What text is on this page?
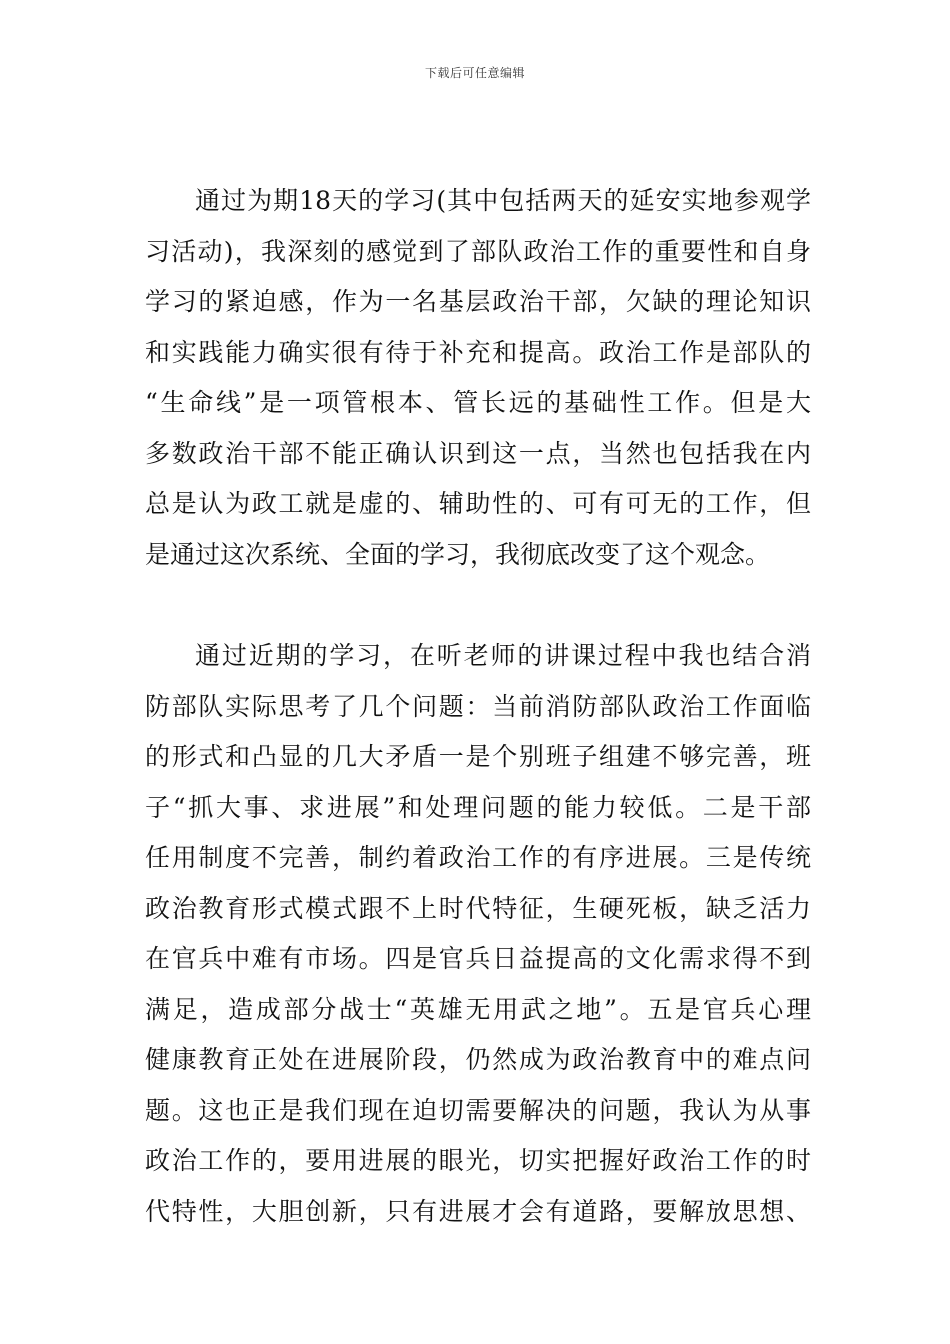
下载后可任意编辑
通过为期18天的学习(其中包括两天的延安实地参观学
习活动)，我深刻的感觉到了部队政治工作的重要性和自身
学习的紧迫感，作为一名基层政治干部，欠缺的理论知识
和实践能力确实很有待于补充和提高。政治工作是部队的
“生命线”是一项管根本、管长远的基础性工作。但是大
多数政治干部不能正确认识到这一点，当然也包括我在内
总是认为政工就是虚的、辅助性的、可有可无的工作，但
是通过这次系统、全面的学习，我彻底改变了这个观念。
通过近期的学习，在听老师的讲课过程中我也结合消
防部队实际思考了几个问题：当前消防部队政治工作面临
的形式和凸显的几大矛盾一是个别班子组建不够完善，班
子“抓大事、求进展”和处理问题的能力较低。二是干部
任用制度不完善，制约着政治工作的有序进展。三是传统
政治教育形式模式跟不上时代特征，生硬死板，缺乏活力
在官兵中难有市场。四是官兵日益提高的文化需求得不到
满足，造成部分战士“英雄无用武之地”。五是官兵心理
健康教育正处在进展阶段，仍然成为政治教育中的难点问
题。这也正是我们现在迫切需要解决的问题，我认为从事
政治工作的，要用进展的眼光，切实把握好政治工作的时
代特性，大胆创新，只有进展才会有道路，要解放思想、
